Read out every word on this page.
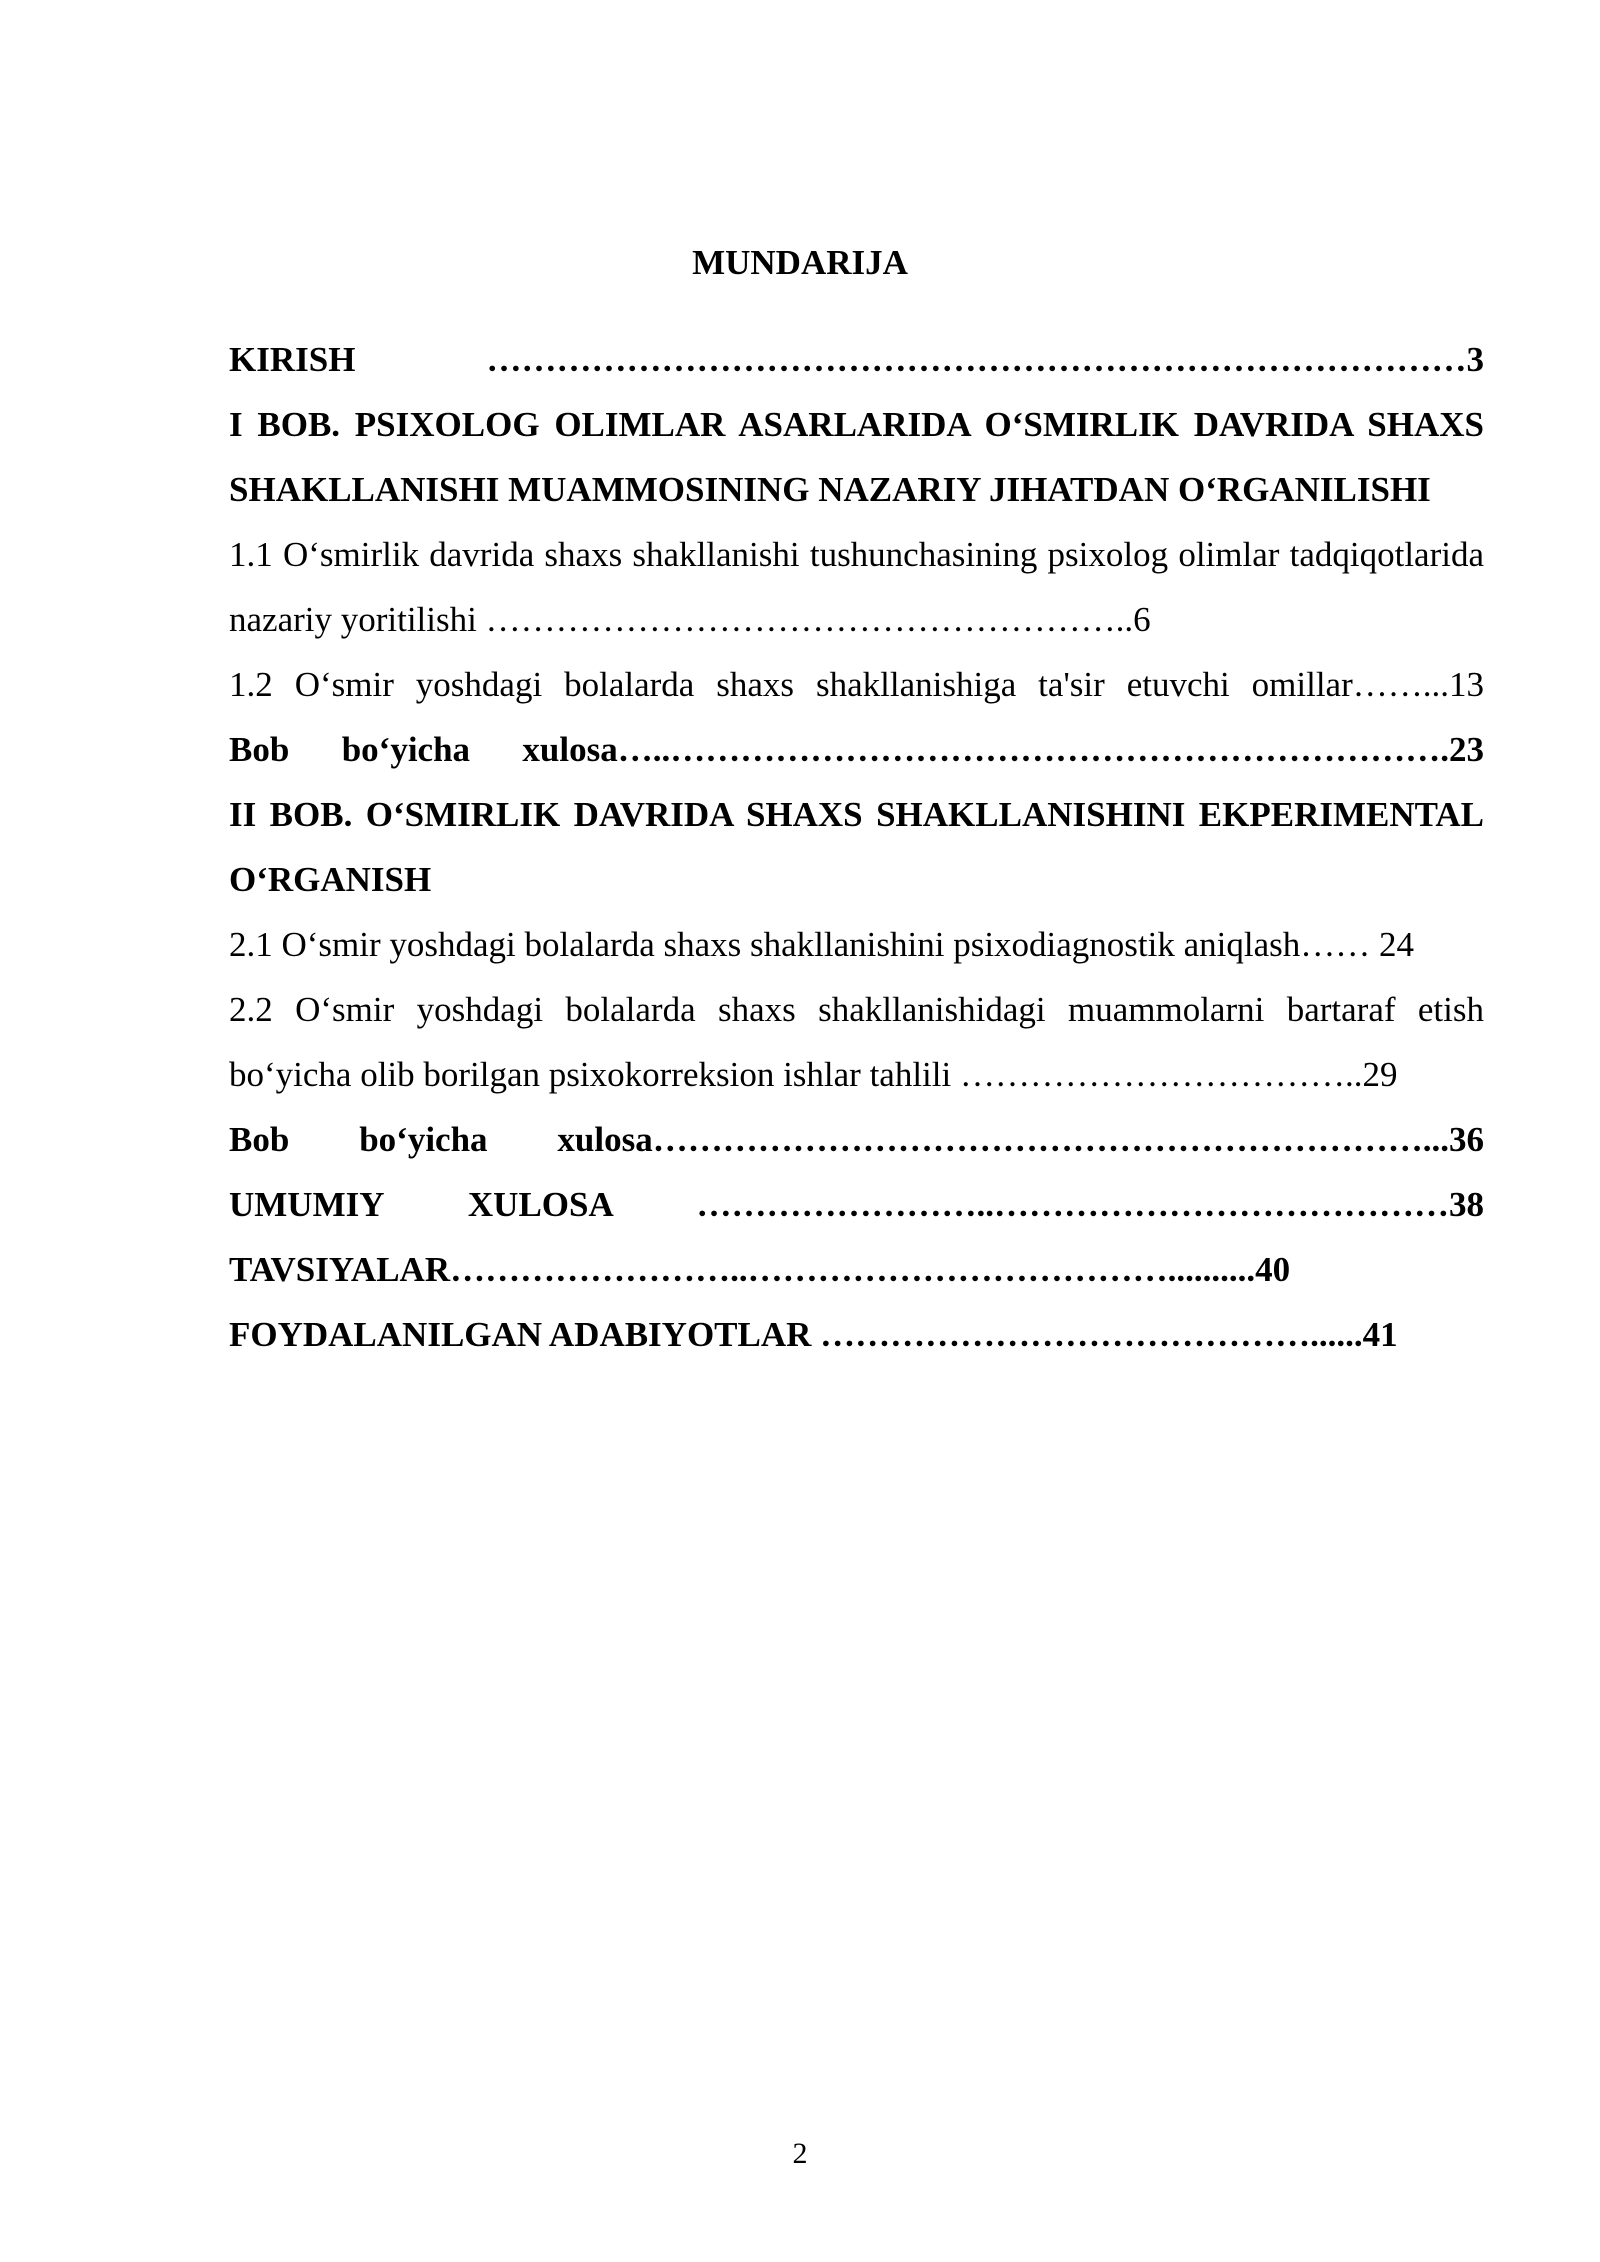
MUNDARIJA

KIRISH …………………………………………………………………………3

I BOB. PSIXOLOG OLIMLAR ASARLARIDA O‘SMIRLIK DAVRIDA SHAXS SHAKLLANISHI MUAMMOSINING NAZARIY JIHATDAN O‘RGANILISHI

1.1 O‘smirlik davrida shaxs shakllanishi tushunchasining psixolog olimlar tadqiqotlarida nazariy yoritilishi ………………………………………………..6

1.2 O‘smir yoshdagi bolalarda shaxs shakllanishiga ta'sir etuvchi omillar……...13

Bob bo‘yicha xulosa…..………………………………………………………….23

II BOB. O‘SMIRLIK DAVRIDA SHAXS SHAKLLANISHINI EKPERIMENTAL O‘RGANISH

2.1 O‘smir yoshdagi bolalarda shaxs shakllanishini psixodiagnostik aniqlash…… 24

2.2 O‘smir yoshdagi bolalarda shaxs shakllanishidagi muammolarni bartaraf etish bo‘yicha olib borilgan psixokorreksion ishlar tahlili ……………………………..29

Bob bo‘yicha xulosa…………………………………………………………...36

UMUMIY XULOSA ……………………..…………………………………38

TAVSIYALAR……………………..………………………………..........40

FOYDALANILGAN ADABIYOTLAR ……………………………………......41

2
